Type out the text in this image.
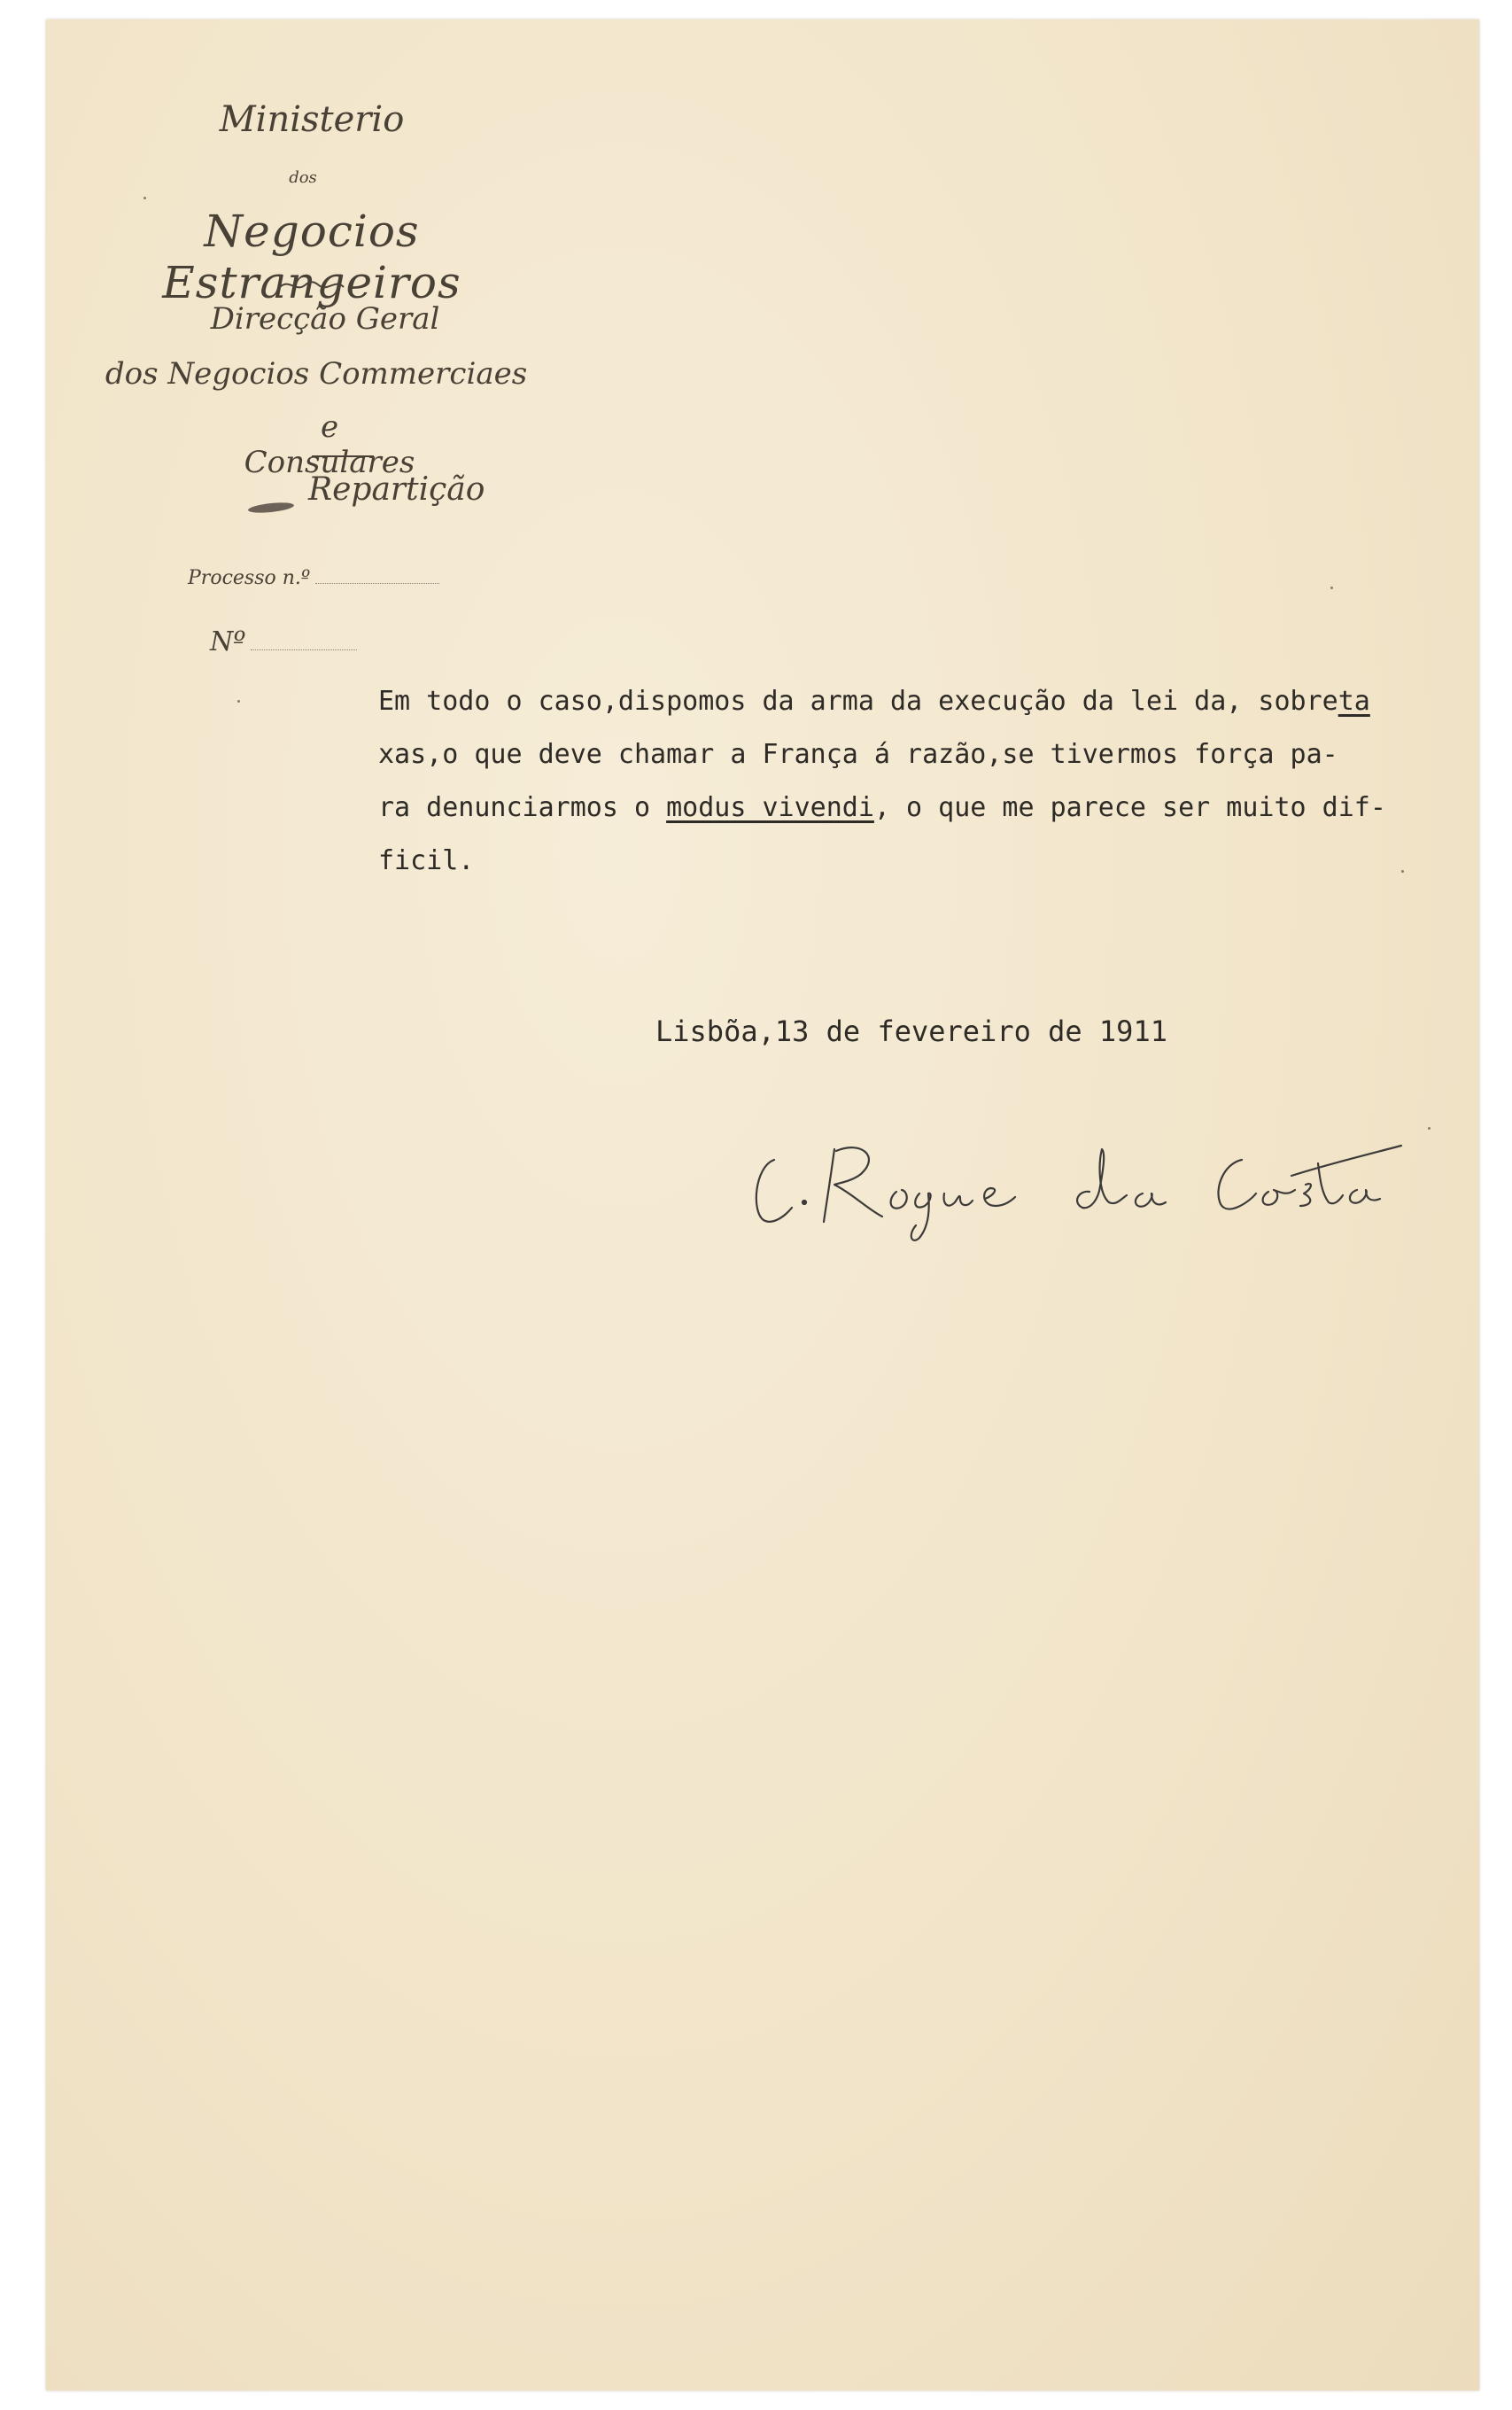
Ministerio
dos
Negocios Estrangeiros
Direcção Geral
dos Negocios Commerciaes
e Consulares
Repartição
Processo n.º
Nº
Em todo o caso,dispomos da arma da execução da lei da, sobreta
xas,o que deve chamar a França á razão,se tivermos força pa-
ra denunciarmos o modus vivendi, o que me parece ser muito dif-
ficil.
Lisbõa,13 de fevereiro de 1911
